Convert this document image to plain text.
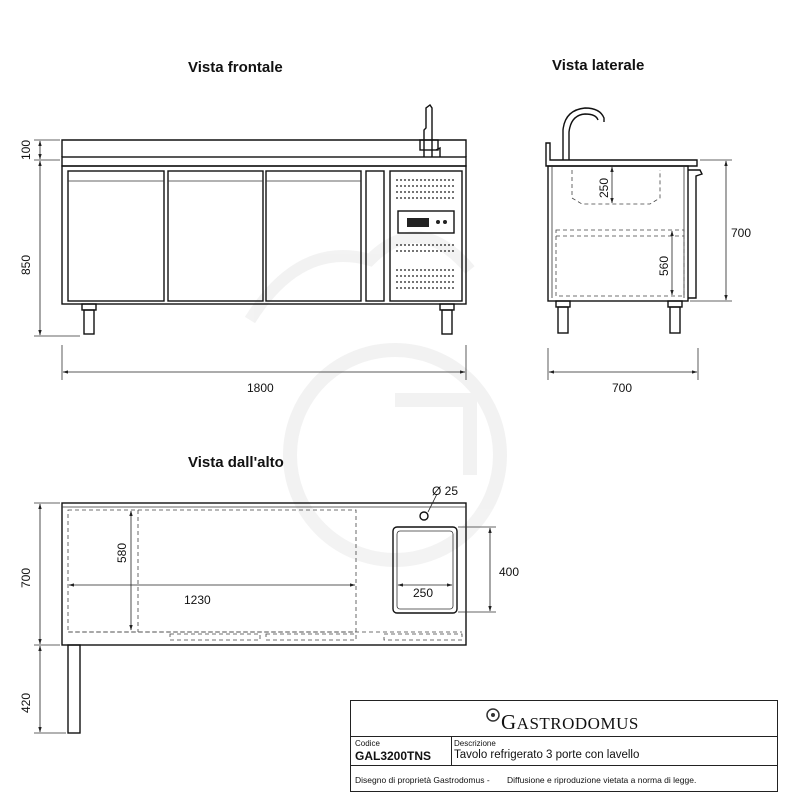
Vista frontale	Vista laterale
Vista dall'alto
100
850
1800
250
560
700
700
Ø 25
580
1230	250
400
700
420
GASTRODOMUS
Codice
GAL3200TNS
Descrizione
Tavolo refrigerato 3 porte con lavello
Disegno di proprietà Gastrodomus - Diffusione e riproduzione vietata a norma di legge.
